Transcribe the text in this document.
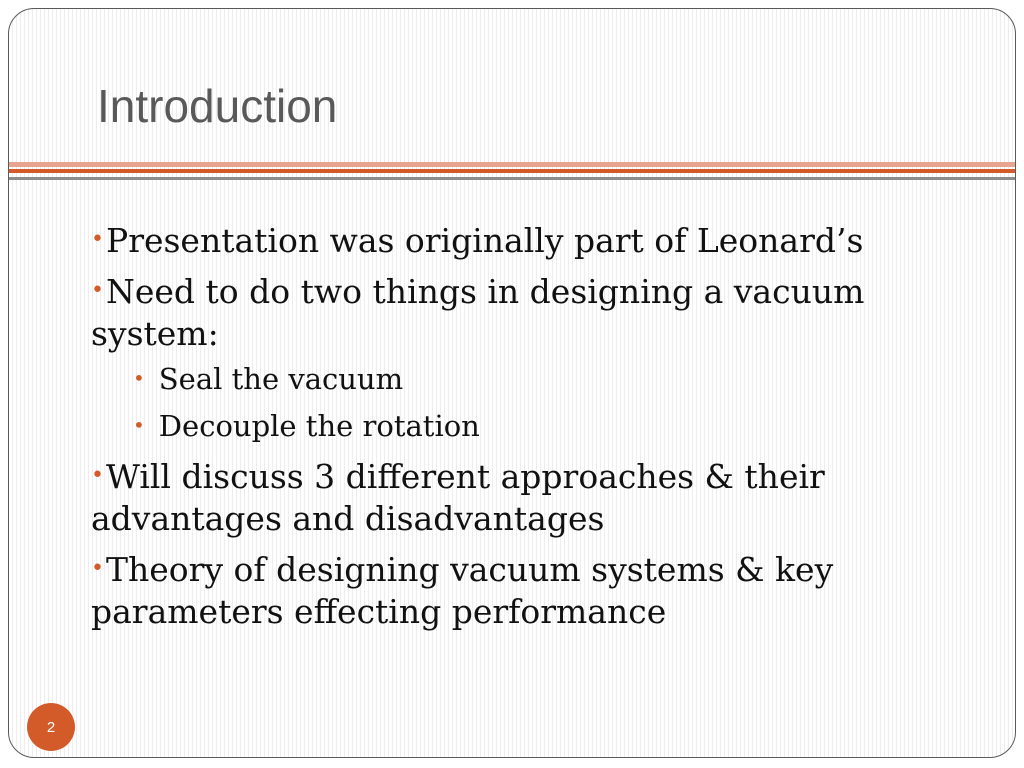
Introduction
•Presentation was originally part of Leonard’s
•Need to do two things in designing a vacuum system:
• Seal the vacuum
• Decouple the rotation
•Will discuss 3 different approaches & their advantages and disadvantages
•Theory of designing vacuum systems & key parameters effecting performance
2
